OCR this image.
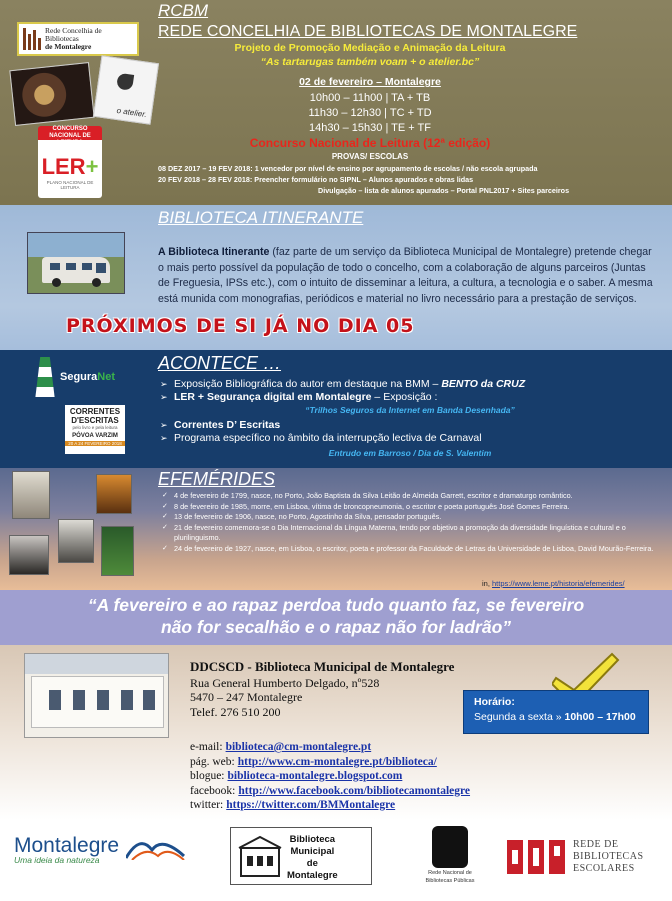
RCBM
Rede Concelhia de Bibliotecas
de Montalegre
o atelier.
CONCURSO NACIONAL DE LEITURA
LER+
PLANO NACIONAL DE LEITURA
REDE CONCELHIA DE BIBLIOTECAS DE MONTALEGRE
Projeto de Promoção Mediação e Animação da Leitura
“As tartarugas também voam + o atelier.bc”
02 de fevereiro – Montalegre
10h00 – 11h00 | TA + TB
11h30 – 12h30 | TC + TD
14h30 – 15h30 | TE + TF
Concurso Nacional de Leitura (12ª edição)
PROVAS/ ESCOLAS
08 DEZ 2017 – 19 FEV 2018: 1 vencedor por nível de ensino por agrupamento de escolas / não escola agrupada
20 FEV 2018 – 28 FEV 2018: Preencher formulário no SIPNL – Alunos apurados e obras lidas
Divulgação – lista de alunos apurados – Portal PNL2017 + Sites parceiros
BIBLIOTECA ITINERANTE
A Biblioteca Itinerante (faz parte de um serviço da Biblioteca Municipal de Montalegre) pretende chegar o mais perto possível da população de todo o concelho, com a colaboração de alguns parceiros (Juntas de Freguesia, IPSs etc.), com o intuito de disseminar a leitura, a cultura, a tecnologia e o saber. A mesma está munida com monografias, periódicos e material no livro necessário para a prestação de serviços.
PRÓXIMOS DE SI JÁ NO DIA 05
ACONTECE …
SeguraNet
CORRENTES
D'ESCRITAS
pelo livro e pela leitura
PÓVOA VARZIM
20 A 24 FEVEREIRO 2018
➢ Exposição Bibliográfica do autor em destaque na BMM – BENTO da CRUZ
➢ LER + Segurança digital em Montalegre – Exposição :
“Trilhos Seguros da Internet em Banda Desenhada”
➢ Correntes D’ Escritas
➢ Programa específico no âmbito da interrupção lectiva de Carnaval
Entrudo em Barroso / Dia de S. Valentim
EFEMÉRIDES
✓ 4 de fevereiro de 1799, nasce, no Porto, João Baptista da Silva Leitão de Almeida Garrett, escritor e dramaturgo romântico.
✓ 8 de fevereiro de 1985, morre, em Lisboa, vítima de broncopneumonia, o escritor e poeta português José Gomes Ferreira.
✓ 13 de fevereiro de 1906, nasce, no Porto, Agostinho da Silva, pensador português.
✓ 21 de fevereiro comemora-se o Dia Internacional da Língua Materna, tendo por objetivo a promoção da diversidade linguística e cultural e o plurilinguismo.
✓ 24 de fevereiro de 1927, nasce, em Lisboa, o escritor, poeta e professor da Faculdade de Letras da Universidade de Lisboa, David Mourão-Ferreira.
in, https://www.leme.pt/historia/efemerides/
“A fevereiro e ao rapaz perdoa tudo quanto faz, se fevereiro
não for secalhão e o rapaz não for ladrão”
DDCSCD - Biblioteca Municipal de Montalegre
Rua General Humberto Delgado, nº528
5470 – 247 Montalegre
Telef. 276 510 200
Horário:
Segunda a sexta » 10h00 – 17h00
e-mail: biblioteca@cm-montalegre.pt
pág. web: http://www.cm-montalegre.pt/biblioteca/
blogue: biblioteca-montalegre.blogspot.com
facebook: http://www.facebook.com/bibliotecamontalegre
twitter: https://twitter.com/BMMontalegre
Montalegre
Uma ideia da natureza
Biblioteca
Municipal
de
Montalegre	Rede Nacional de
Bibliotecas Públicas
REDE DE
BIBLIOTECAS
ESCOLARES
